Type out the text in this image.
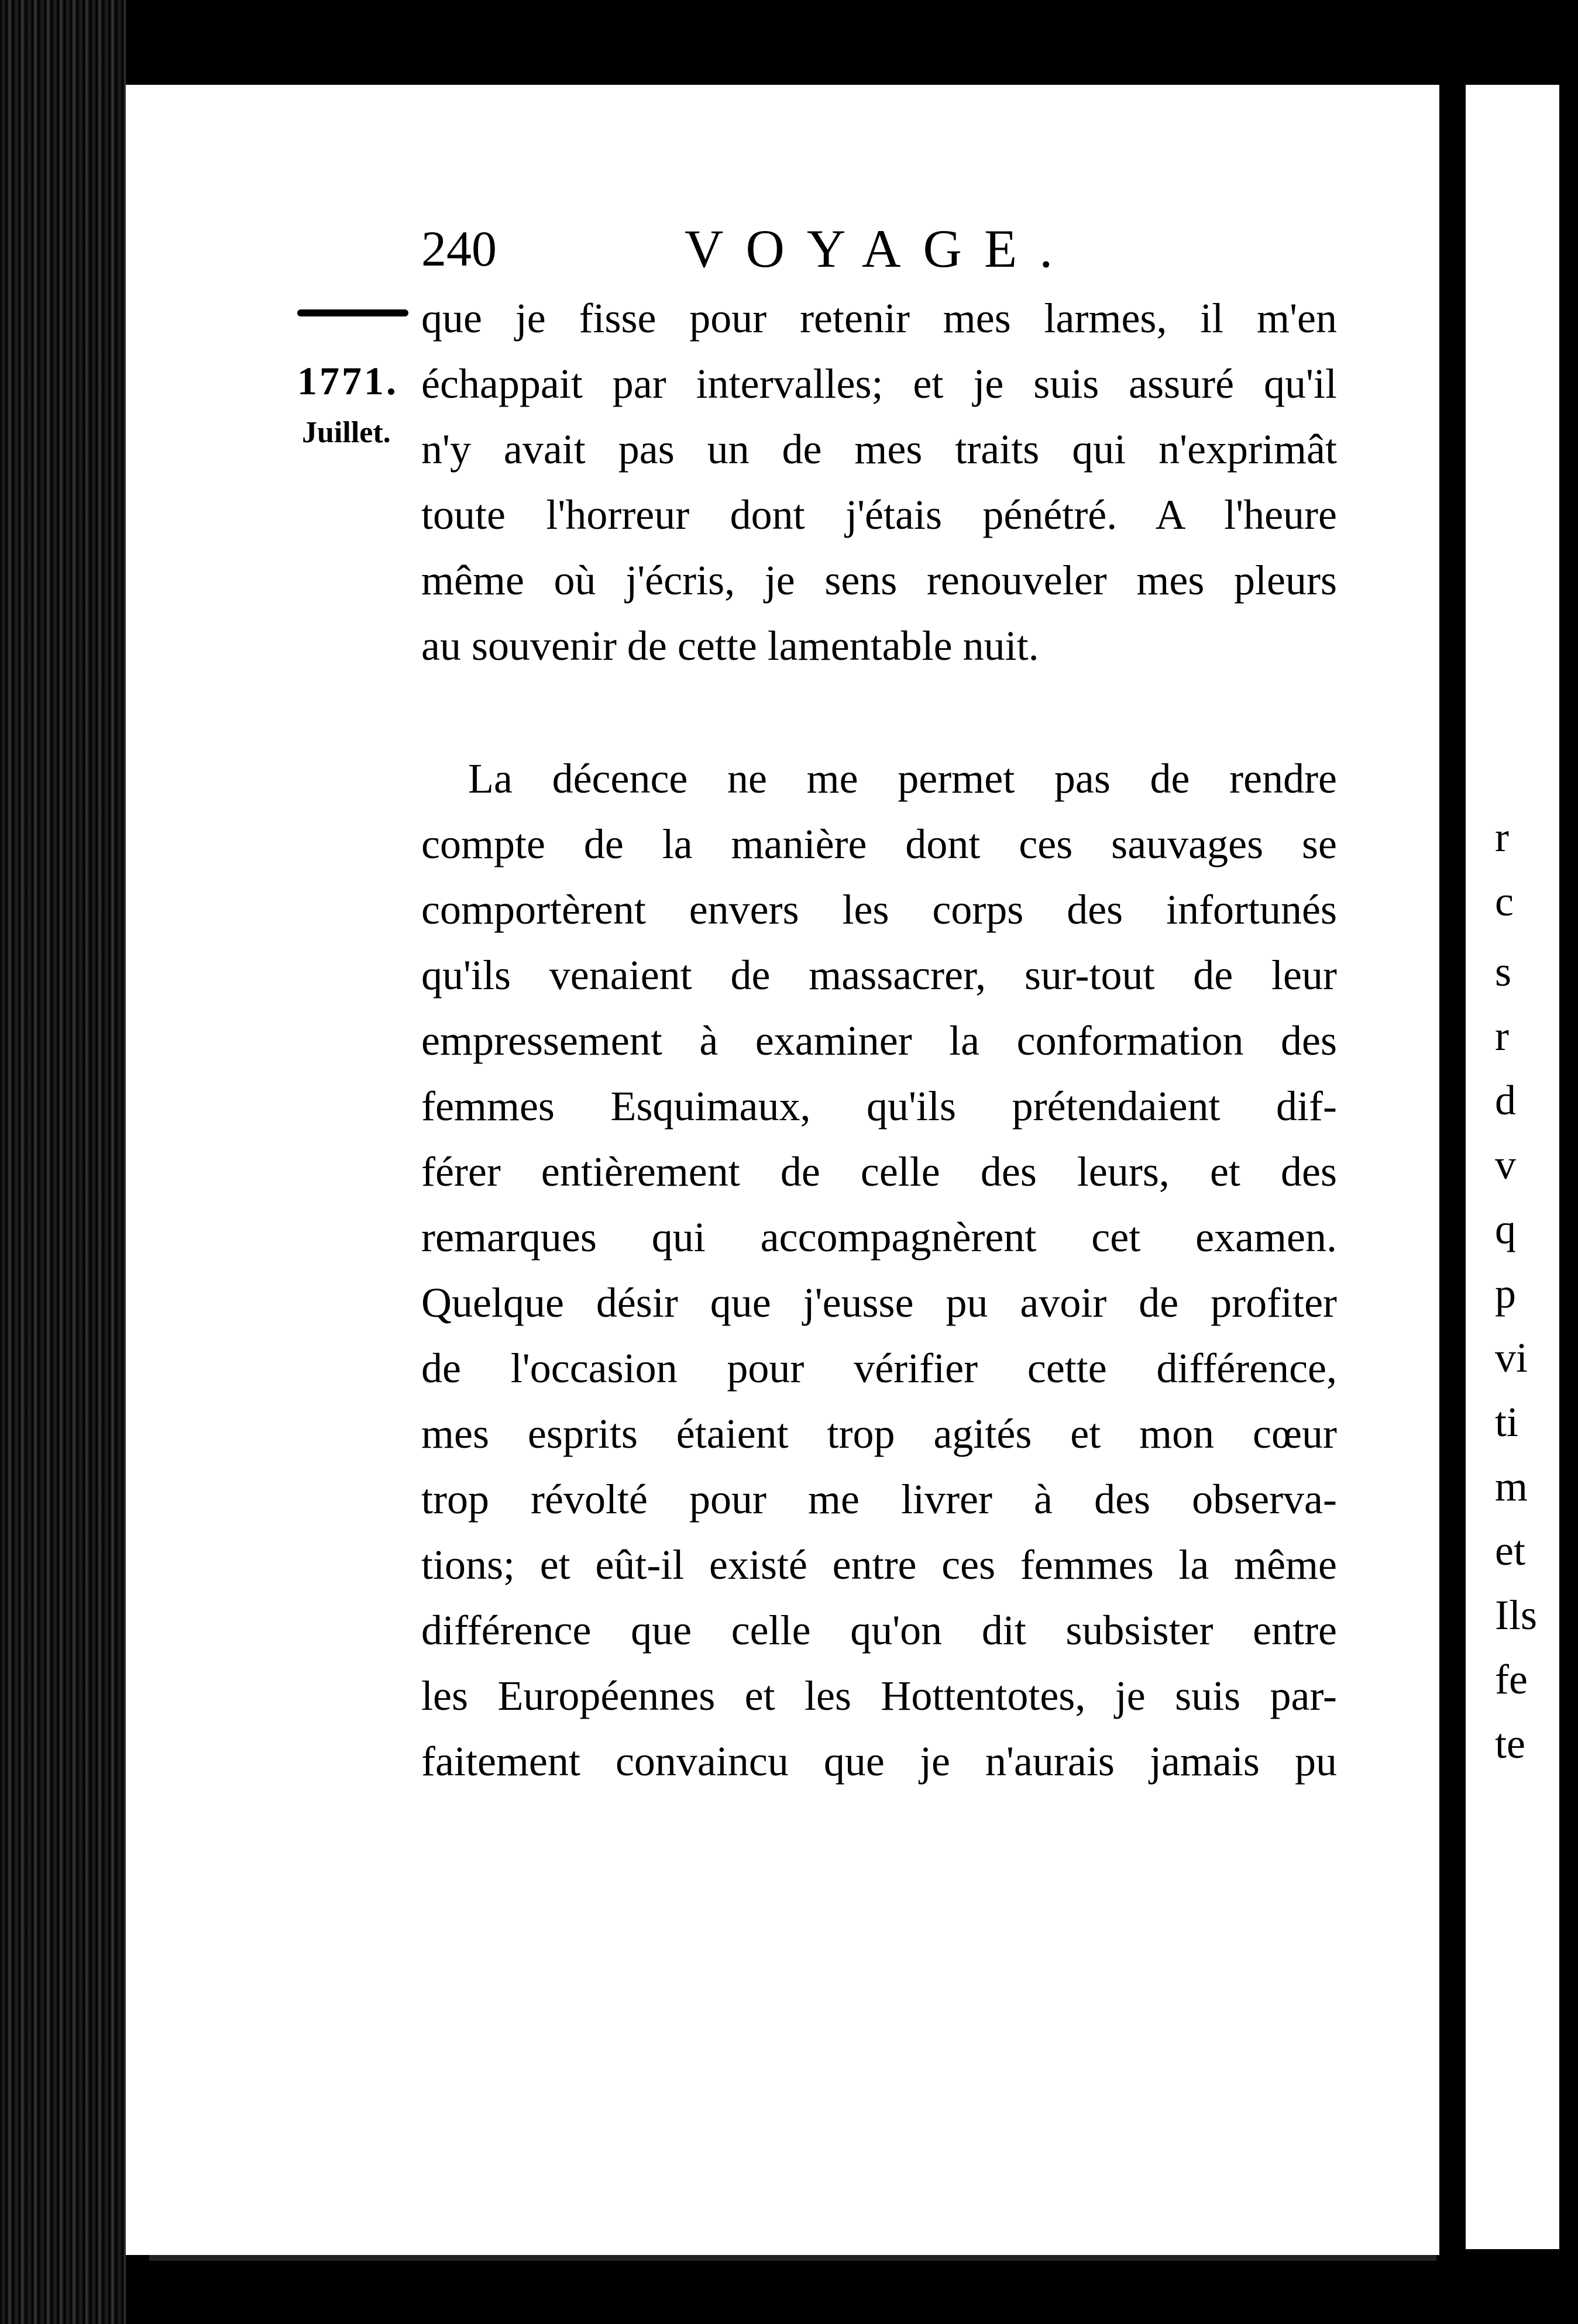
r
c
s
r
d
v
q
p
vi
ti
m
et
Ils
fe
te
240	VOYAGE.
1771.
Juillet.
que je fisse pour retenir mes larmes, il m'en
échappait par intervalles; et je suis assuré qu'il
n'y avait pas un de mes traits qui n'exprimât
toute l'horreur dont j'étais pénétré. A l'heure
même où j'écris, je sens renouveler mes pleurs
au souvenir de cette lamentable nuit.
La décence ne me permet pas de rendre
compte de la manière dont ces sauvages se
comportèrent envers les corps des infortunés
qu'ils venaient de massacrer, sur-tout de leur
empressement à examiner la conformation des
femmes Esquimaux, qu'ils prétendaient dif-
férer entièrement de celle des leurs, et des
remarques qui accompagnèrent cet examen.
Quelque désir que j'eusse pu avoir de profiter
de l'occasion pour vérifier cette différence,
mes esprits étaient trop agités et mon cœur
trop révolté pour me livrer à des observa-
tions; et eût-il existé entre ces femmes la même
différence que celle qu'on dit subsister entre
les Européennes et les Hottentotes, je suis par-
faitement convaincu que je n'aurais jamais pu
